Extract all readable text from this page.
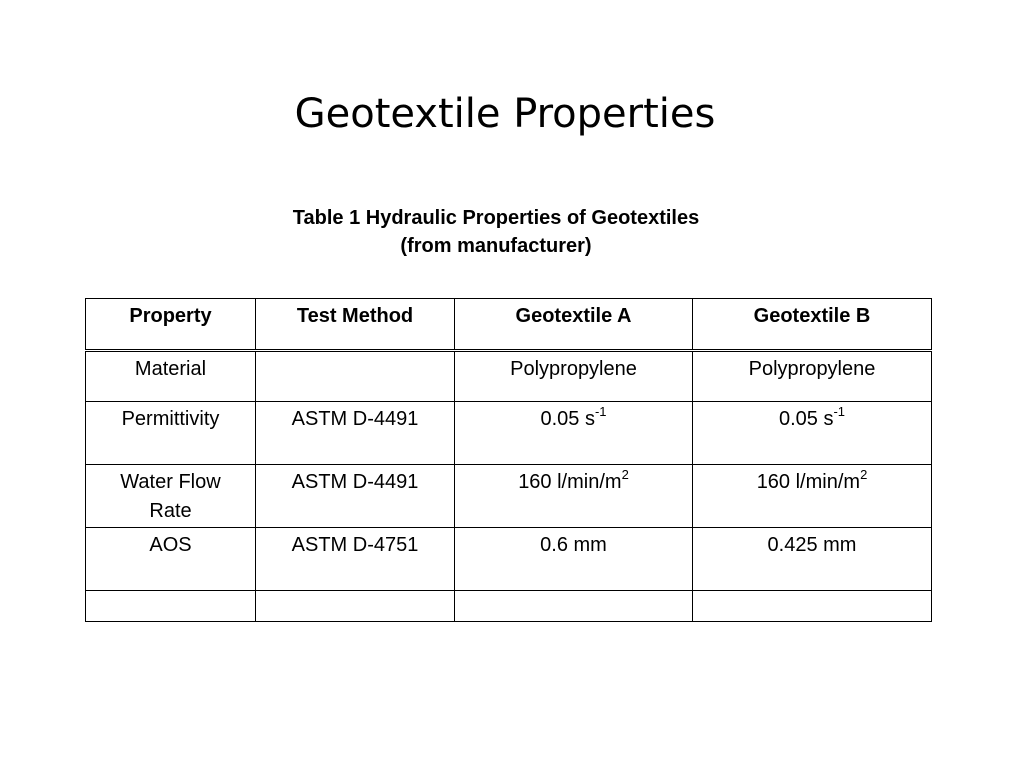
Geotextile Properties
Table 1 Hydraulic Properties of Geotextiles
(from manufacturer)
Property	Test Method	Geotextile A	Geotextile B
Material		Polypropylene	Polypropylene
Permittivity	ASTM D-4491	0.05 $s^{-1}$	0.05 $s^{-1}$
Water Flow
Rate	ASTM D-4491	160 $l/\min/m^2$	160 $l/\min/m^2$
AOS	ASTM D-4751	0.6 mm	0.425 mm
